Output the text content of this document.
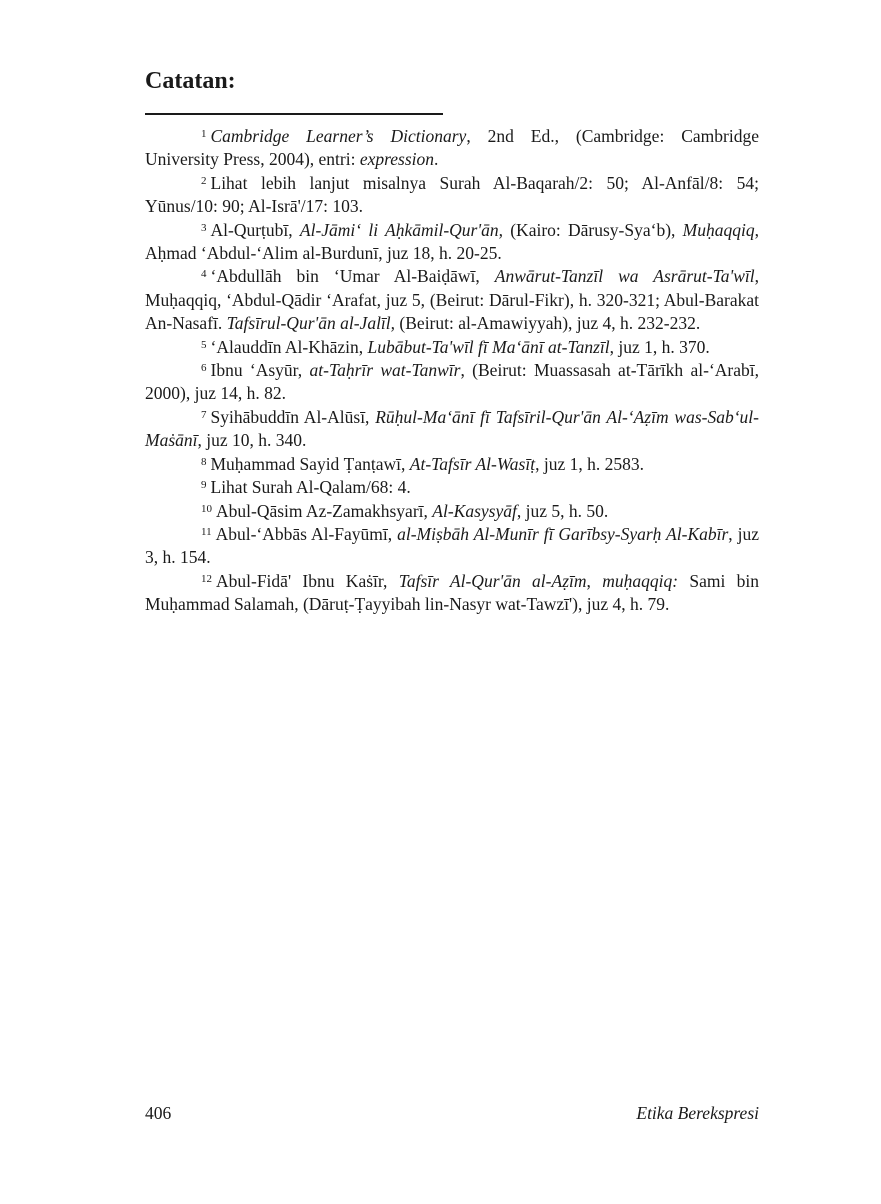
Catatan:

$^1$ Cambridge Learner’s Dictionary, 2nd Ed., (Cambridge: Cambridge University Press, 2004), entri: expression.

$^2$ Lihat lebih lanjut misalnya Surah Al-Baqarah/2: 50; Al-Anfāl/8: 54; Yūnus/10: 90; Al-Isrā'/17: 103.

$^3$ Al-Qurṭubī, Al-Jāmi‘ li Aḥkāmil-Qur'ān, (Kairo: Dārusy-Sya‘b), Muḥaqqiq, Aḥmad ‘Abdul-‘Alim al-Burdunī, juz 18, h. 20-25.

$^4$ ‘Abdullāh bin ‘Umar Al-Baiḍāwī, Anwārut-Tanzīl wa Asrārut-Ta'wīl, Muḥaqqiq, ‘Abdul-Qādir ‘Arafat, juz 5, (Beirut: Dārul-Fikr), h. 320-321; Abul-Barakat An-Nasafī. Tafsīrul-Qur'ān al-Jalīl, (Beirut: al-Amawiyyah), juz 4, h. 232-232.

$^5$ ‘Alauddīn Al-Khāzin, Lubābut-Ta'wīl fī Ma‘ānī at-Tanzīl, juz 1, h. 370.

$^6$ Ibnu ‘Asyūr, at-Taḥrīr wat-Tanwīr, (Beirut: Muassasah at-Tārīkh al-‘Arabī, 2000), juz 14, h. 82.

$^7$ Syihābuddīn Al-Alūsī, Rūḥul-Ma‘ānī fī Tafsīril-Qur'ān Al-‘Aẓīm was-Sab‘ul-Maṡānī, juz 10, h. 340.

$^8$ Muḥammad Sayid Ṭanṭawī, At-Tafsīr Al-Wasīṭ, juz 1, h. 2583.

$^9$ Lihat Surah Al-Qalam/68: 4.

$^{10}$ Abul-Qāsim Az-Zamakhsyarī, Al-Kasysyāf, juz 5, h. 50.

$^{11}$ Abul-‘Abbās Al-Fayūmī, al-Miṣbāh Al-Munīr fī Garībsy-Syarḥ Al-Kabīr, juz 3, h. 154.

$^{12}$ Abul-Fidā' Ibnu Kaṡīr, Tafsīr Al-Qur'ān al-Aẓīm, muḥaqqiq: Sami bin Muḥammad Salamah, (Dāruṭ-Ṭayyibah lin-Nasyr wat-Tawzī'), juz 4, h. 79.

406	Etika Berekspresi
